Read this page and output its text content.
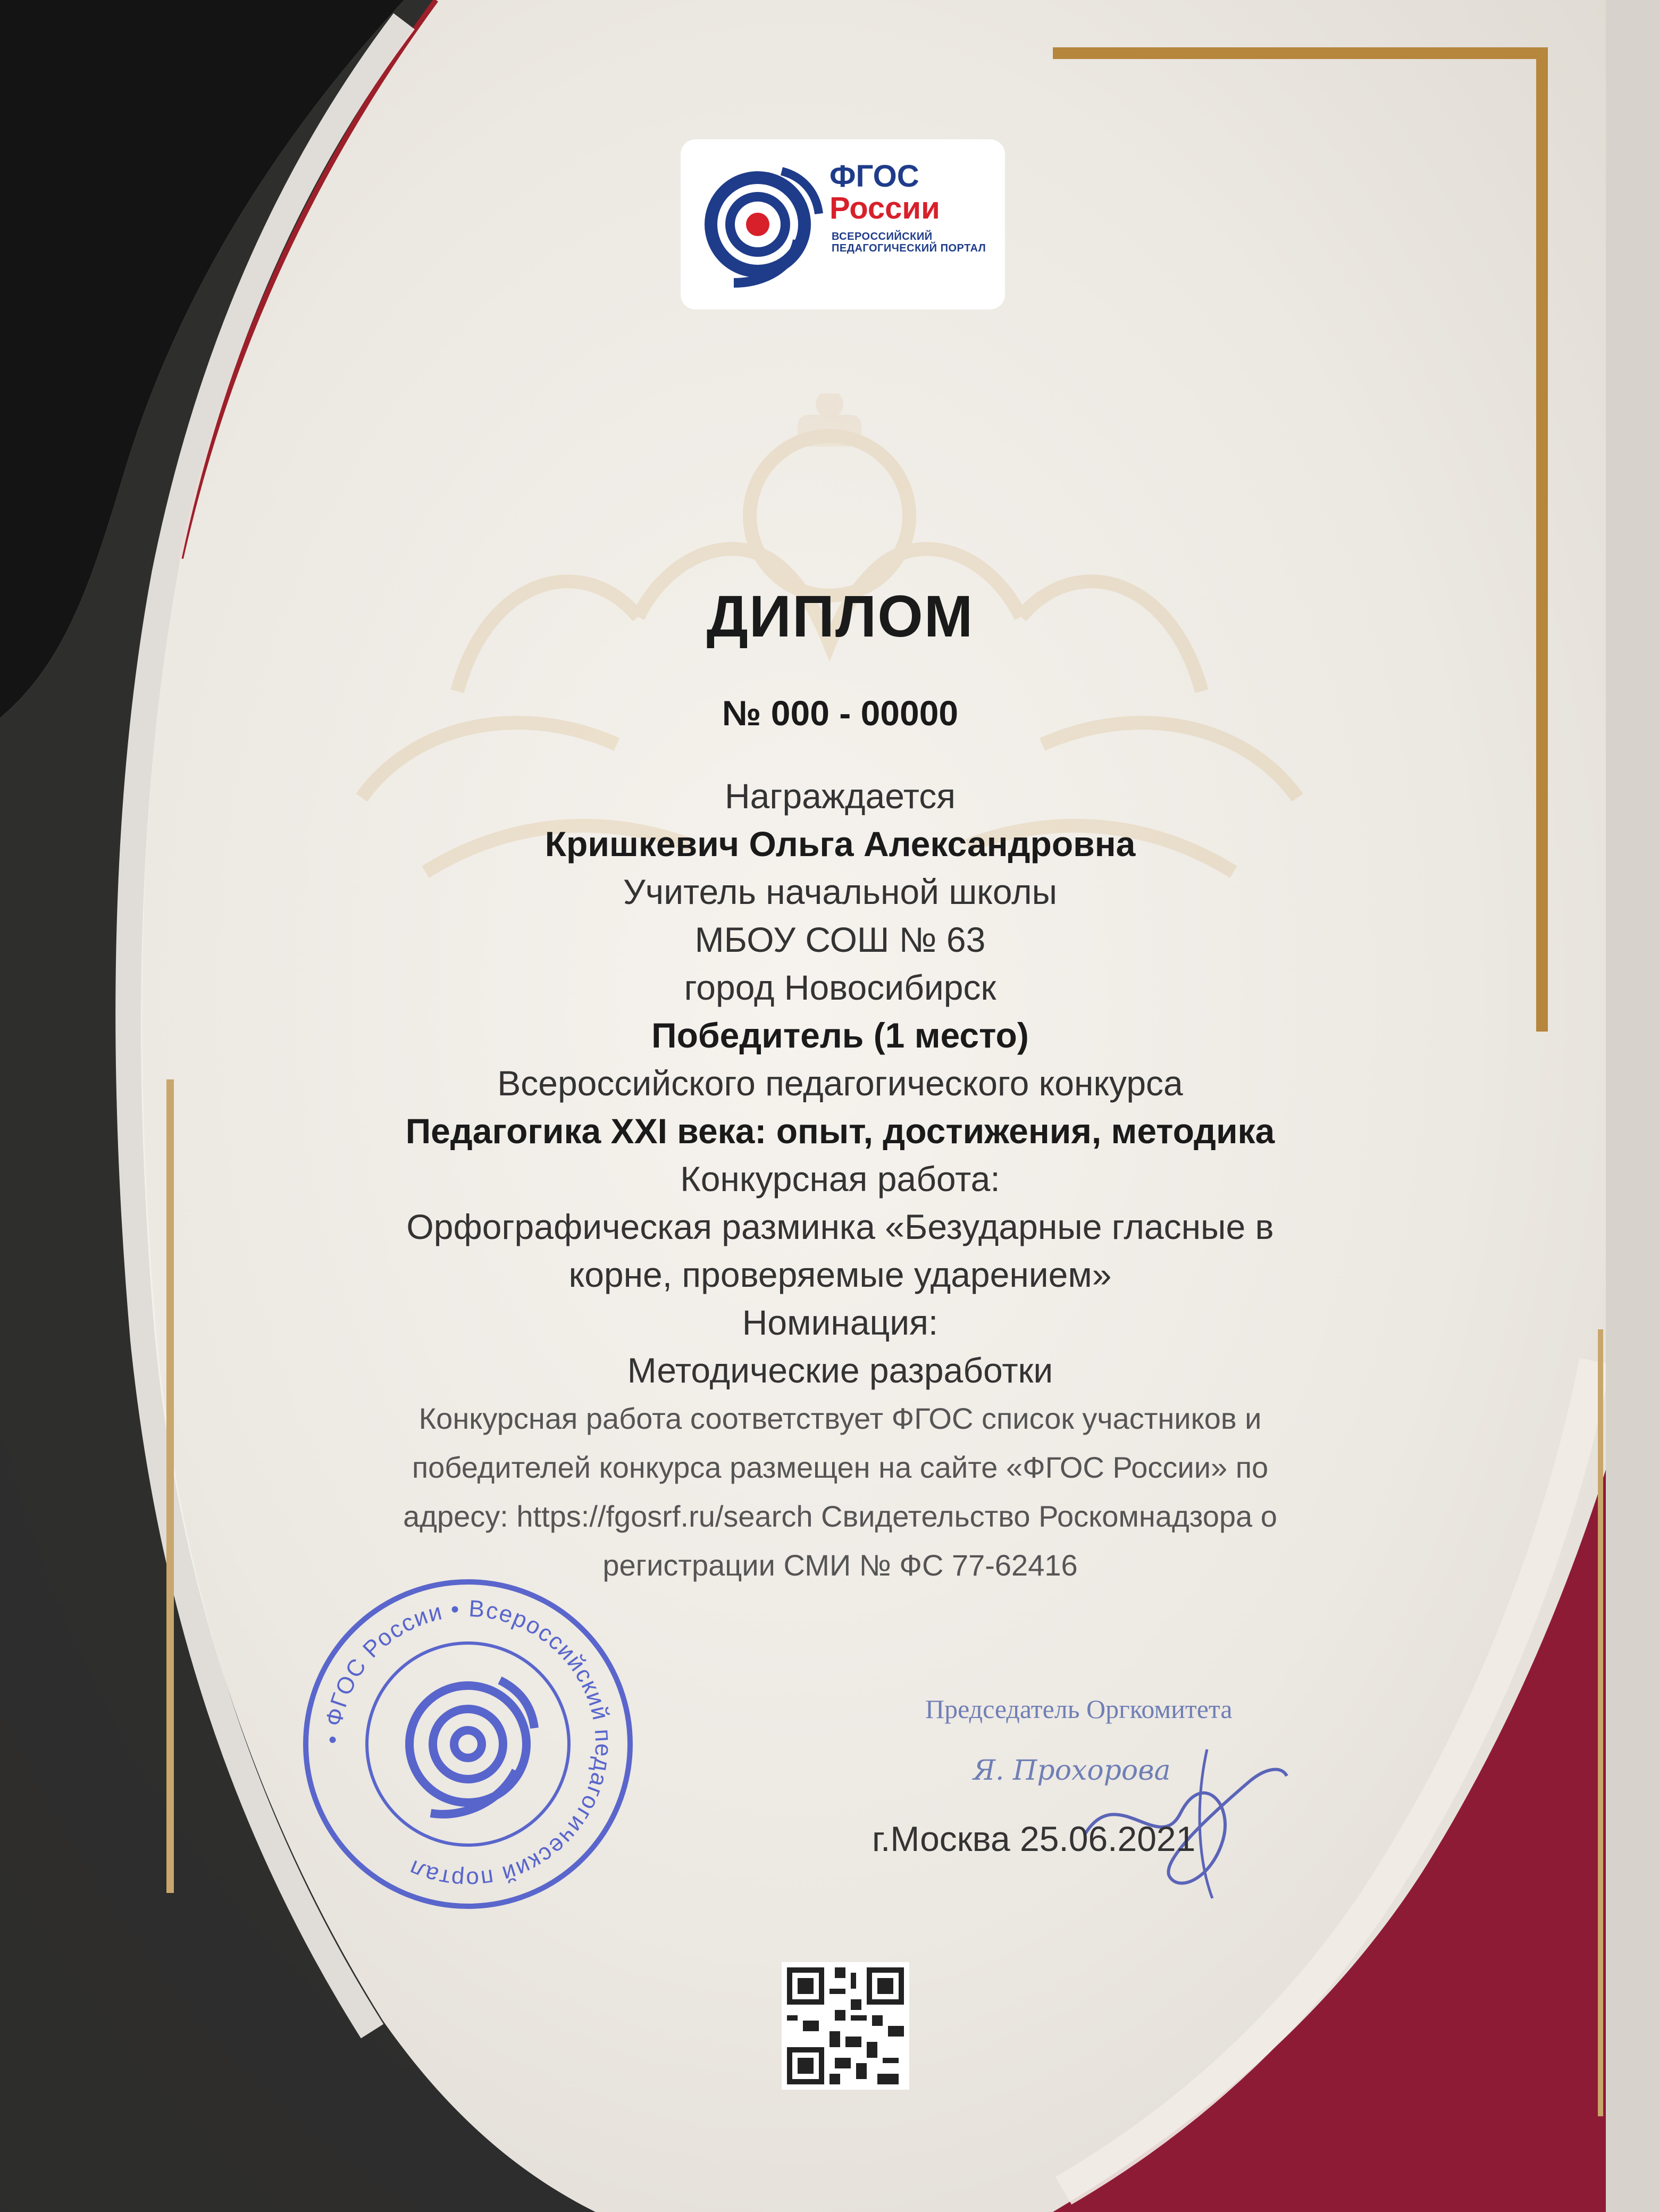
ФГОС
России
ВСЕРОССИЙСКИЙ ПЕДАГОГИЧЕСКИЙ ПОРТАЛ

ДИПЛОМ

№ 000 - 00000

Награждается

Кришкевич Ольга Александровна

Учитель начальной школы

МБОУ СОШ № 63

город Новосибирск

Победитель (1 место)

Всероссийского педагогического конкурса

Педагогика XXI века: опыт, достижения, методика

Конкурсная работа:

Орфографическая разминка «Безударные гласные в

корне, проверяемые ударением»

Номинация:

Методические разработки

Конкурсная работа соответствует ФГОС список участников и

победителей конкурса размещен на сайте «ФГОС России» по

адресу: https://fgosrf.ru/search Свидетельство Роскомнадзора о

регистрации СМИ № ФС 77-62416

• ФГОС России • Всероссийский педагогический портал
Председатель Оргкомитета
Я. Прохорова
г.Москва 25.06.2021
